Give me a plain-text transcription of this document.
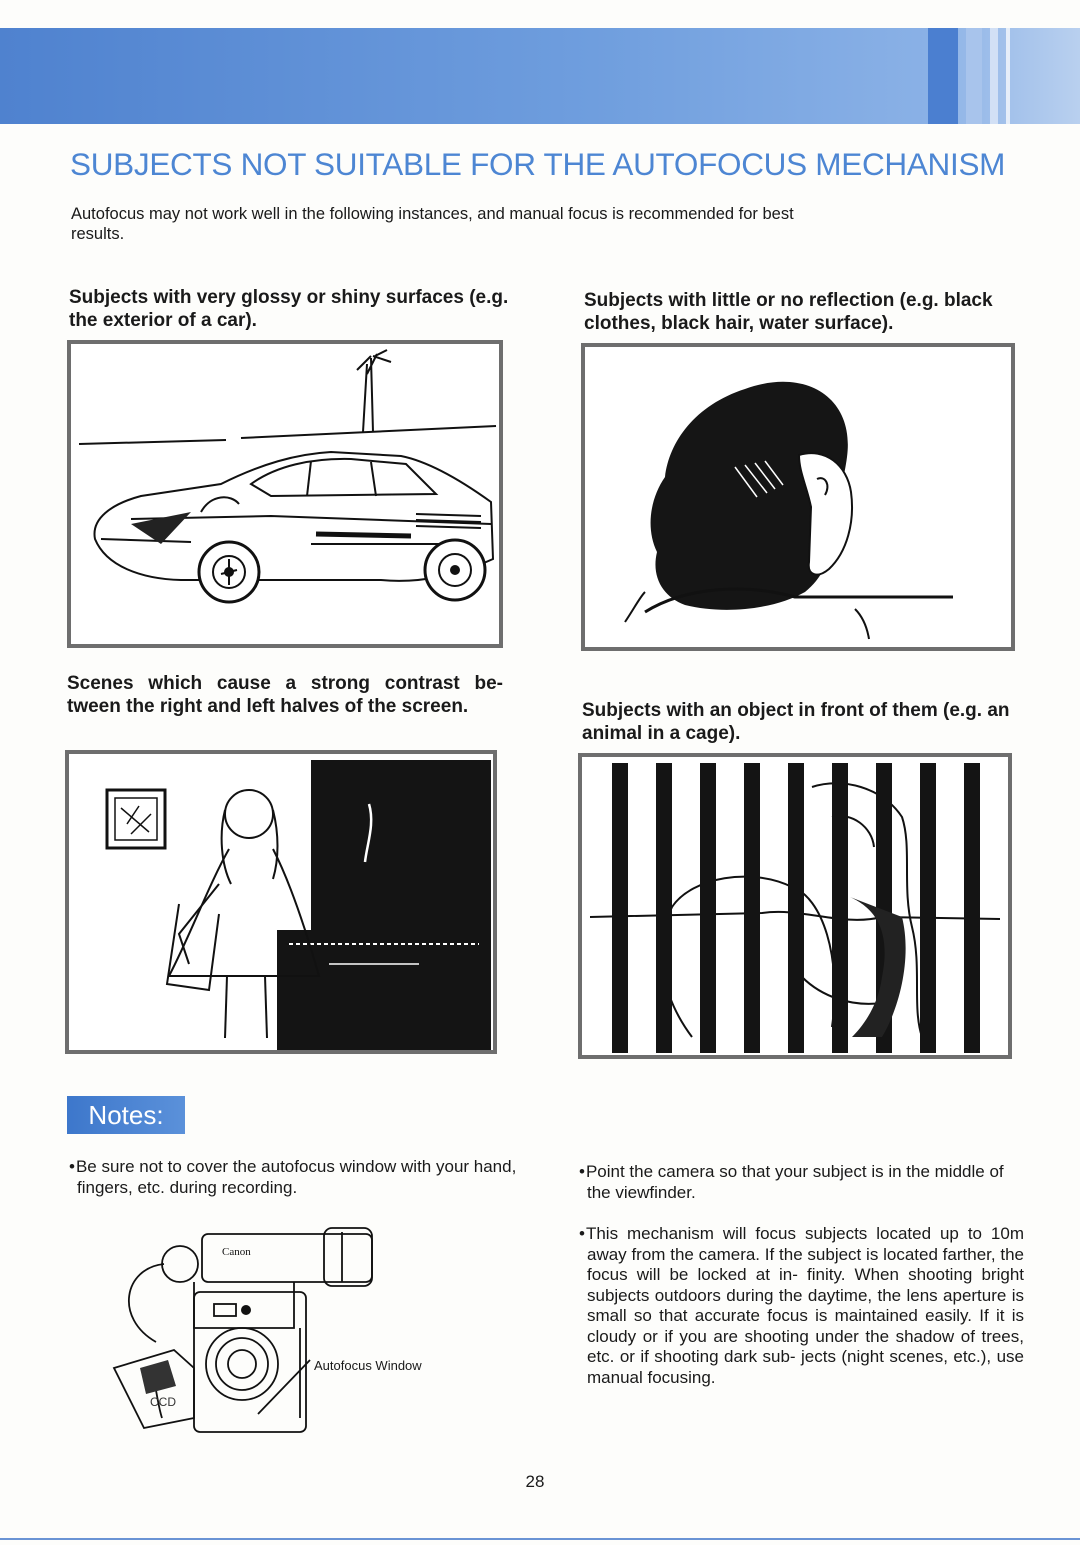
SUBJECTS NOT SUITABLE FOR THE AUTOFOCUS MECHANISM

Autofocus may not work well in the following instances, and manual focus is recommended for best results.

Subjects with very glossy or shiny surfaces (e.g. the exterior of a car).

Subjects with little or no reflection (e.g. black clothes, black hair, water surface).

Scenes which cause a strong contrast be- tween the right and left halves of the screen.	Subjects with an object in front of them (e.g. an animal in a cage).

Notes:

•Be sure not to cover the autofocus window with your hand, fingers, etc. during recording.

•Point the camera so that your subject is in the middle of the viewfinder.

•This mechanism will focus subjects located up to 10m away from the camera. If the subject is located farther, the focus will be locked at in- finity. When shooting bright subjects outdoors during the daytime, the lens aperture is small so that accurate focus is maintained easily. If it is cloudy or if you are shooting under the shadow of trees, etc. or if shooting dark sub- jects (night scenes, etc.), use manual focusing.

Canon
CCD
Autofocus Window
28
